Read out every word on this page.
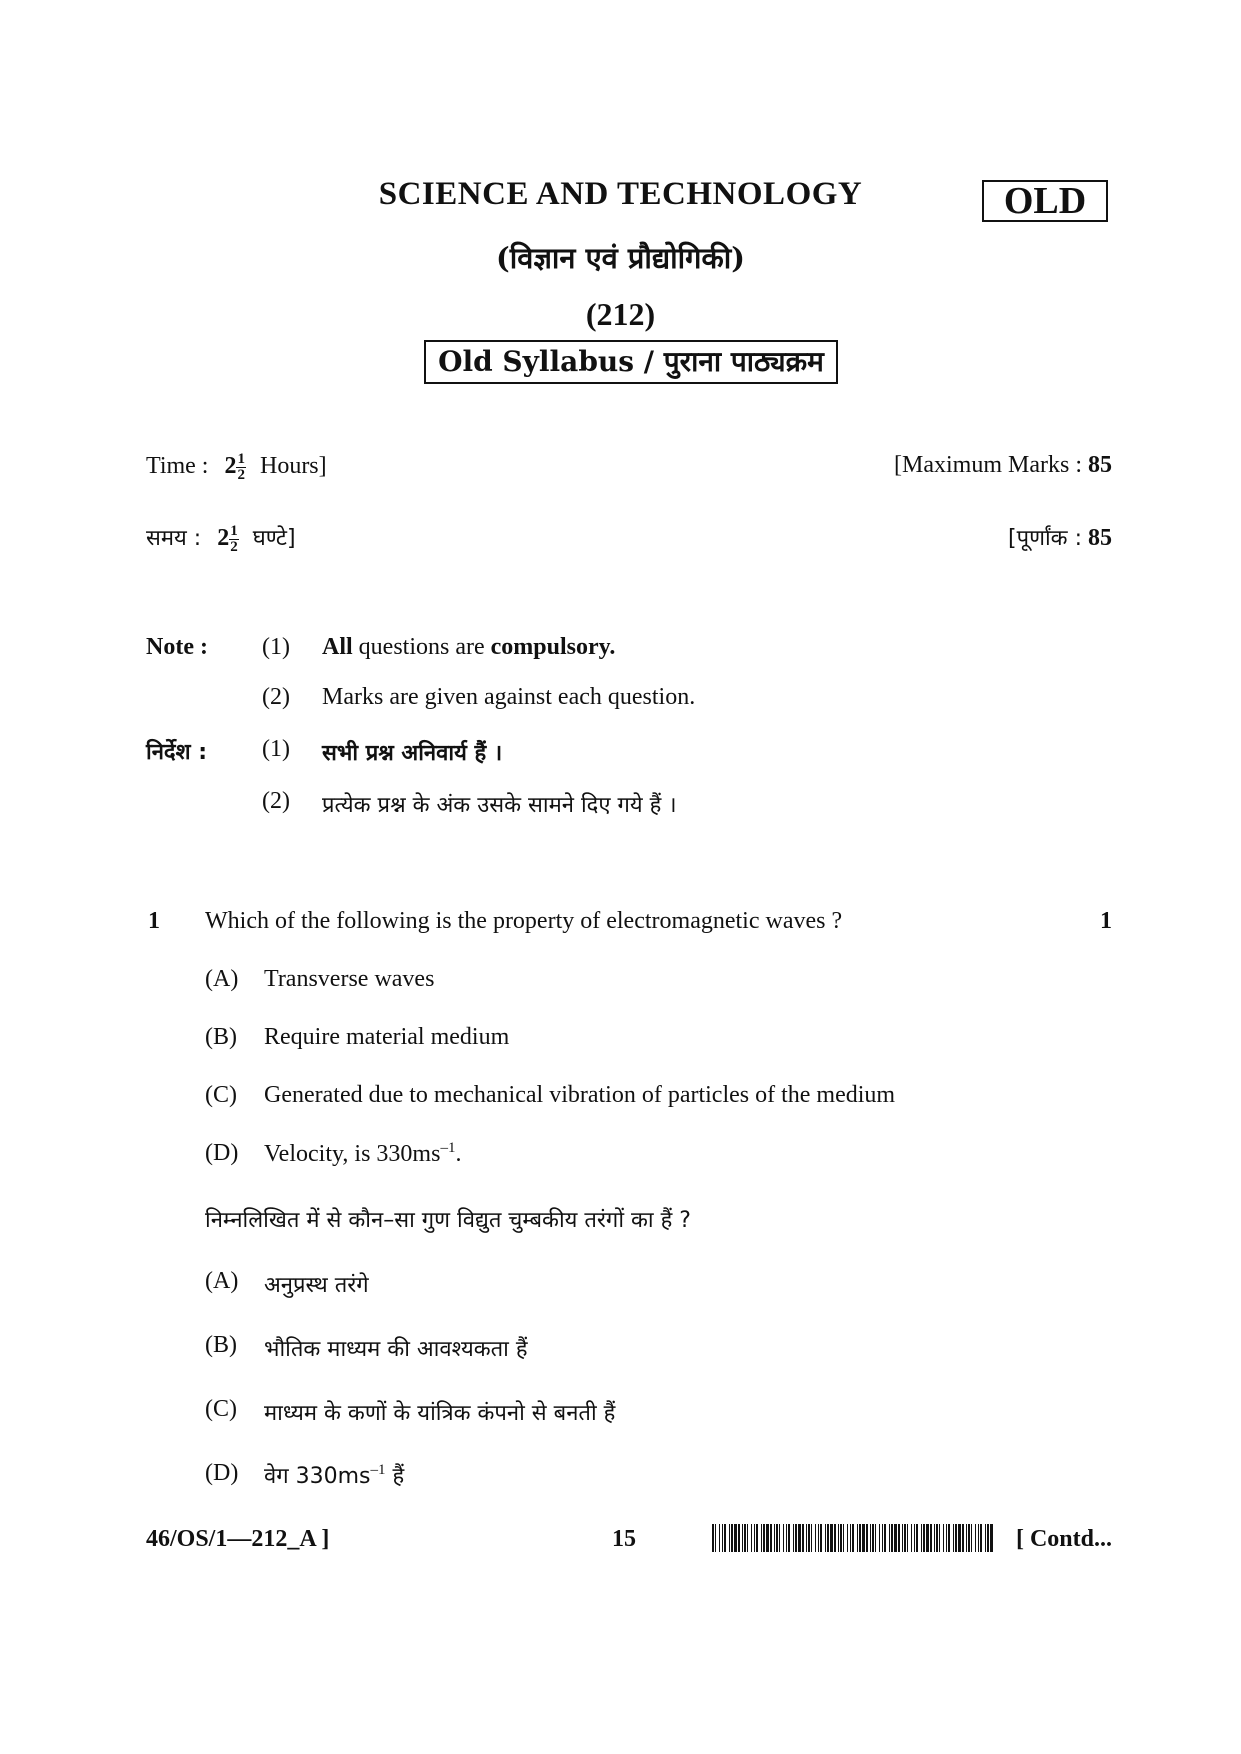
SCIENCE AND TECHNOLOGY	OLD
(विज्ञान एवं प्रौद्योगिकी)
(212)
Old Syllabus / पुराना पाठ्यक्रम
Time : $2 \frac{1}{2}$ Hours]	[Maximum Marks : 85
समय : $2 \frac{1}{2}$ घण्टे]	[पूर्णांक : 85
Note : (1) All questions are compulsory.
(2) Marks are given against each question.
निर्देश : (1) सभी प्रश्न अनिवार्य हैं ।
(2) प्रत्येक प्रश्न के अंक उसके सामने दिए गये हैं ।
1 Which of the following is the property of electromagnetic waves ?	1
(A) Transverse waves
(B) Require material medium
(C) Generated due to mechanical vibration of particles of the medium
(D) Velocity, is $330ms^{-1}$.
निम्नलिखित में से कौन–सा गुण विद्युत चुम्बकीय तरंगों का हैं ?
(A) अनुप्रस्थ तरंगे
(B) भौतिक माध्यम की आवश्यकता हैं
(C) माध्यम के कणों के यांत्रिक कंपनो से बनती हैं
(D) वेग $330ms^{-1}$ हैं
46/OS/1—212_A ]	15	[ Contd...
